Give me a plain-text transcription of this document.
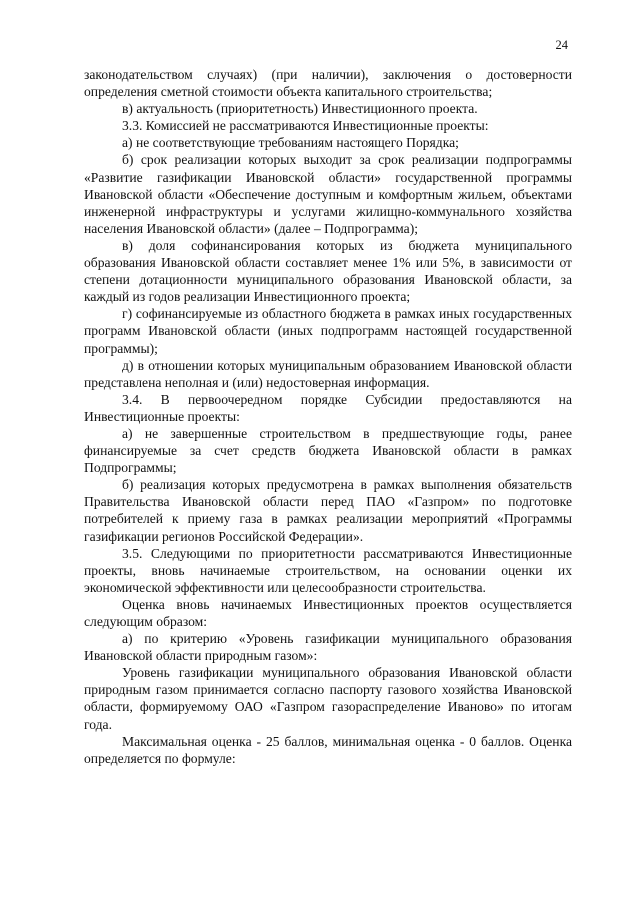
24

законодательством случаях) (при наличии), заключения о достоверности определения сметной стоимости объекта капитального строительства;

в) актуальность (приоритетность) Инвестиционного проекта.

3.3. Комиссией не рассматриваются Инвестиционные проекты:

а) не соответствующие требованиям настоящего Порядка;

б) срок реализации которых выходит за срок реализации подпрограммы «Развитие газификации Ивановской области» государственной программы Ивановской области «Обеспечение доступным и комфортным жильем, объектами инженерной инфраструктуры и услугами жилищно-коммунального хозяйства населения Ивановской области» (далее – Подпрограмма);

в) доля софинансирования которых из бюджета муниципального образования Ивановской области составляет менее 1% или 5%, в зависимости от степени дотационности муниципального образования Ивановской области, за каждый из годов реализации Инвестиционного проекта;

г) софинансируемые из областного бюджета в рамках иных государственных программ Ивановской области (иных подпрограмм настоящей государственной программы);

д) в отношении которых муниципальным образованием Ивановской области представлена неполная и (или) недостоверная информация.

3.4. В первоочередном порядке Субсидии предоставляются на Инвестиционные проекты:

а) не завершенные строительством в предшествующие годы, ранее финансируемые за счет средств бюджета Ивановской области в рамках Подпрограммы;

б) реализация которых предусмотрена в рамках выполнения обязательств Правительства Ивановской области перед ПАО «Газпром» по подготовке потребителей к приему газа в рамках реализации мероприятий «Программы газификации регионов Российской Федерации».

3.5. Следующими по приоритетности рассматриваются Инвестиционные проекты, вновь начинаемые строительством, на основании оценки их экономической эффективности или целесообразности строительства.

Оценка вновь начинаемых Инвестиционных проектов осуществляется следующим образом:

а) по критерию «Уровень газификации муниципального образования Ивановской области природным газом»:

Уровень газификации муниципального образования Ивановской области природным газом принимается согласно паспорту газового хозяйства Ивановской области, формируемому ОАО «Газпром газораспределение Иваново» по итогам года.

Максимальная оценка - 25 баллов, минимальная оценка - 0 баллов. Оценка определяется по формуле:
